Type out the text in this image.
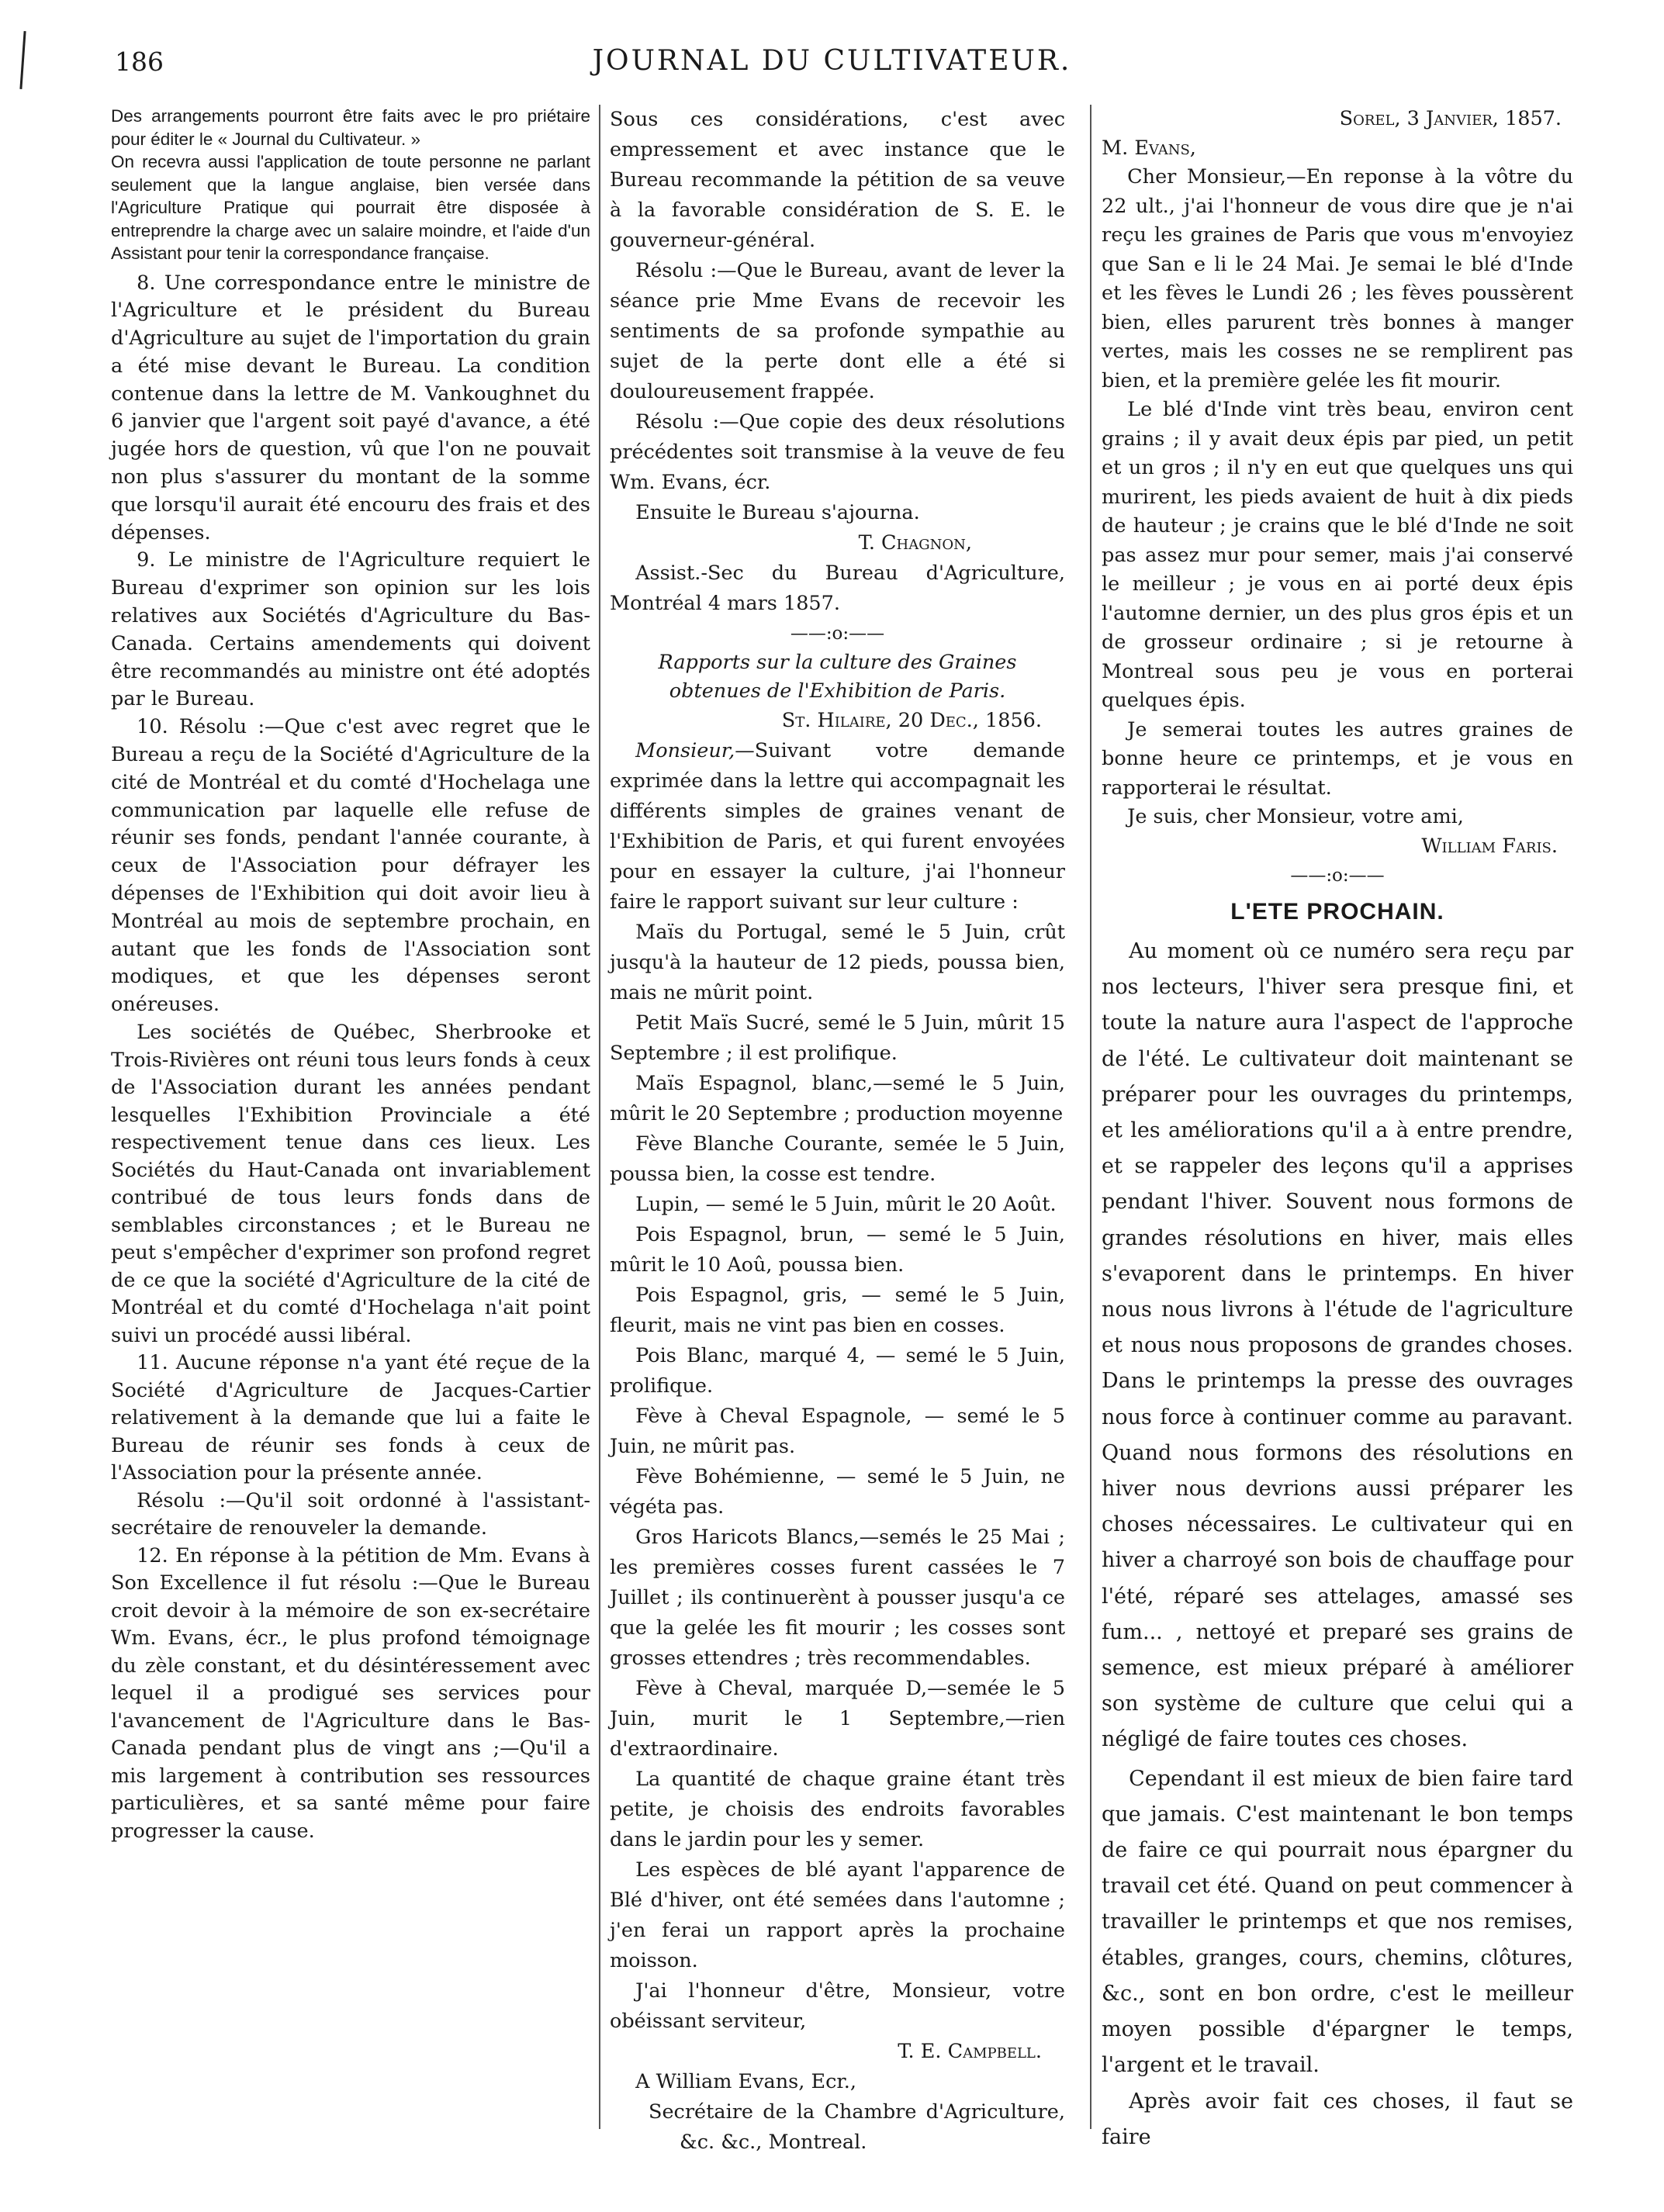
186	JOURNAL DU CULTIVATEUR.

Des arrangements pourront être faits avec le pro priétaire pour éditer le « Journal du Cultivateur. »

On recevra aussi l'application de toute personne ne parlant seulement que la langue anglaise, bien versée dans l'Agriculture Pratique qui pourrait être disposée à entreprendre la charge avec un salaire moindre, et l'aide d'un Assistant pour tenir la correspondance française.

8. Une correspondance entre le ministre de l'Agriculture et le président du Bureau d'Agriculture au sujet de l'importation du grain a été mise devant le Bureau. La condition contenue dans la lettre de M. Vankoughnet du 6 janvier que l'argent soit payé d'avance, a été jugée hors de question, vû que l'on ne pouvait non plus s'assurer du montant de la somme que lorsqu'il aurait été encouru des frais et des dépenses.

9. Le ministre de l'Agriculture requiert le Bureau d'exprimer son opinion sur les lois relatives aux Sociétés d'Agriculture du Bas-Canada. Certains amendements qui doivent être recommandés au ministre ont été adoptés par le Bureau.

10. Résolu :—Que c'est avec regret que le Bureau a reçu de la Société d'Agriculture de la cité de Montréal et du comté d'Hochelaga une communication par laquelle elle refuse de réunir ses fonds, pendant l'année courante, à ceux de l'Association pour défrayer les dépenses de l'Exhibition qui doit avoir lieu à Montréal au mois de septembre prochain, en autant que les fonds de l'Association sont modiques, et que les dépenses seront onéreuses.

Les sociétés de Québec, Sherbrooke et Trois-Rivières ont réuni tous leurs fonds à ceux de l'Association durant les années pendant lesquelles l'Exhibition Provinciale a été respectivement tenue dans ces lieux. Les Sociétés du Haut-Canada ont invariablement contribué de tous leurs fonds dans de semblables circonstances ; et le Bureau ne peut s'empêcher d'exprimer son profond regret de ce que la société d'Agriculture de la cité de Montréal et du comté d'Hochelaga n'ait point suivi un procédé aussi libéral.

11. Aucune réponse n'a yant été reçue de la Société d'Agriculture de Jacques-Cartier relativement à la demande que lui a faite le Bureau de réunir ses fonds à ceux de l'Association pour la présente année.

Résolu :—Qu'il soit ordonné à l'assistant-secrétaire de renouveler la demande.

12. En réponse à la pétition de Mm. Evans à Son Excellence il fut résolu :—Que le Bureau croit devoir à la mémoire de son ex-secrétaire Wm. Evans, écr., le plus profond témoignage du zèle constant, et du désintéressement avec lequel il a prodigué ses services pour l'avancement de l'Agriculture dans le Bas-Canada pendant plus de vingt ans ;—Qu'il a mis largement à contribution ses ressources particulières, et sa santé même pour faire progresser la cause.

Sous ces considérations, c'est avec empressement et avec instance que le Bureau recommande la pétition de sa veuve à la favorable considération de S. E. le gouverneur-général.

Résolu :—Que le Bureau, avant de lever la séance prie Mme Evans de recevoir les sentiments de sa profonde sympathie au sujet de la perte dont elle a été si douloureusement frappée.

Résolu :—Que copie des deux résolutions précédentes soit transmise à la veuve de feu Wm. Evans, écr.

Ensuite le Bureau s'ajourna.

T. Chagnon,

Assist.-Sec du Bureau d'Agriculture, Montréal 4 mars 1857.

——:o:——

Rapports sur la culture des Graines obtenues de l'Exhibition de Paris.

St. Hilaire, 20 Dec., 1856.

Monsieur,—Suivant votre demande exprimée dans la lettre qui accompagnait les différents simples de graines venant de l'Exhibition de Paris, et qui furent envoyées pour en essayer la culture, j'ai l'honneur faire le rapport suivant sur leur culture :

Maïs du Portugal, semé le 5 Juin, crût jusqu'à la hauteur de 12 pieds, poussa bien, mais ne mûrit point.

Petit Maïs Sucré, semé le 5 Juin, mûrit 15 Septembre ; il est prolifique.

Maïs Espagnol, blanc,—semé le 5 Juin, mûrit le 20 Septembre ; production moyenne

Fève Blanche Courante, semée le 5 Juin, poussa bien, la cosse est tendre.

Lupin, — semé le 5 Juin, mûrit le 20 Août.

Pois Espagnol, brun, — semé le 5 Juin, mûrit le 10 Aoû, poussa bien.

Pois Espagnol, gris, — semé le 5 Juin, fleurit, mais ne vint pas bien en cosses.

Pois Blanc, marqué 4, — semé le 5 Juin, prolifique.

Fève à Cheval Espagnole, — semé le 5 Juin, ne mûrit pas.

Fève Bohémienne, — semé le 5 Juin, ne végéta pas.

Gros Haricots Blancs,—semés le 25 Mai ; les premières cosses furent cassées le 7 Juillet ; ils continuerènt à pousser jusqu'a ce que la gelée les fit mourir ; les cosses sont grosses ettendres ; très recommendables.

Fève à Cheval, marquée D,—semée le 5 Juin, murit le 1 Septembre,—rien d'extraordinaire.

La quantité de chaque graine étant très petite, je choisis des endroits favorables dans le jardin pour les y semer.

Les espèces de blé ayant l'apparence de Blé d'hiver, ont été semées dans l'automne ; j'en ferai un rapport après la prochaine moisson.

J'ai l'honneur d'être, Monsieur, votre obéissant serviteur,

T. E. Campbell.

A William Evans, Ecr.,

Secrétaire de la Chambre d'Agriculture, &c. &c., Montreal.

Sorel, 3 Janvier, 1857.

M. Evans,

Cher Monsieur,—En reponse à la vôtre du 22 ult., j'ai l'honneur de vous dire que je n'ai reçu les graines de Paris que vous m'envoyiez que San e li le 24 Mai. Je semai le blé d'Inde et les fèves le Lundi 26 ; les fèves poussèrent bien, elles parurent très bonnes à manger vertes, mais les cosses ne se remplirent pas bien, et la première gelée les fit mourir.

Le blé d'Inde vint très beau, environ cent grains ; il y avait deux épis par pied, un petit et un gros ; il n'y en eut que quelques uns qui murirent, les pieds avaient de huit à dix pieds de hauteur ; je crains que le blé d'Inde ne soit pas assez mur pour semer, mais j'ai conservé le meilleur ; je vous en ai porté deux épis l'automne dernier, un des plus gros épis et un de grosseur ordinaire ; si je retourne à Montreal sous peu je vous en porterai quelques épis.

Je semerai toutes les autres graines de bonne heure ce printemps, et je vous en rapporterai le résultat.

Je suis, cher Monsieur, votre ami,

William Faris.

——:o:——

L'ETE PROCHAIN.

Au moment où ce numéro sera reçu par nos lecteurs, l'hiver sera presque fini, et toute la nature aura l'aspect de l'approche de l'été. Le cultivateur doit maintenant se préparer pour les ouvrages du printemps, et les améliorations qu'il a à entre prendre, et se rappeler des leçons qu'il a apprises pendant l'hiver. Souvent nous formons de grandes résolutions en hiver, mais elles s'evaporent dans le printemps. En hiver nous nous livrons à l'étude de l'agriculture et nous nous proposons de grandes choses. Dans le printemps la presse des ouvrages nous force à continuer comme au paravant. Quand nous formons des résolutions en hiver nous devrions aussi préparer les choses nécessaires. Le cultivateur qui en hiver a charroyé son bois de chauffage pour l'été, réparé ses attelages, amassé ses fum... , nettoyé et preparé ses grains de semence, est mieux préparé à améliorer son système de culture que celui qui a négligé de faire toutes ces choses.

Cependant il est mieux de bien faire tard que jamais. C'est maintenant le bon temps de faire ce qui pourrait nous épargner du travail cet été. Quand on peut commencer à travailler le printemps et que nos remises, étables, granges, cours, chemins, clôtures, &c., sont en bon ordre, c'est le meilleur moyen possible d'épargner le temps, l'argent et le travail.

Après avoir fait ces choses, il faut se faire
